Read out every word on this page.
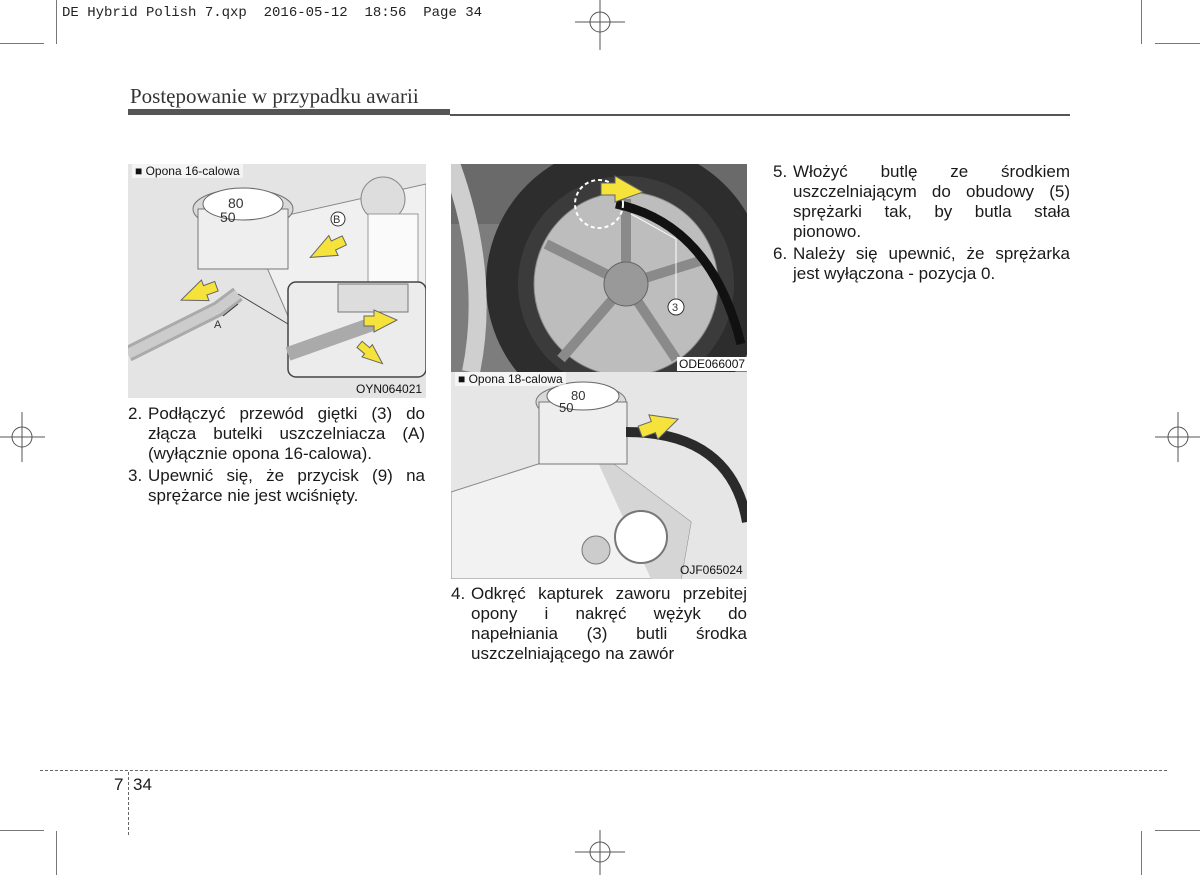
DE Hybrid Polish 7.qxp  2016-05-12  18:56  Page 34
Postępowanie w przypadku awarii
80
50	B
A
■ Opona 16-calowa
OYN064021
3
ODE066007
80
50
■ Opona 18-calowa
OJF065024
2. Podłączyć przewód giętki (3) do złącza butelki uszczelniacza (A) (wyłącznie opona 16-calowa).
3. Upewnić się, że przycisk (9) na sprężarce nie jest wciśnięty.
4. Odkręć kapturek zaworu przebitej opony i nakręć wężyk do napełniania (3) butli środka uszczelniającego na zawór
5. Włożyć butlę ze środkiem uszczelniającym do obudowy (5) sprężarki tak, by butla stała pionowo.
6. Należy się upewnić, że sprężarka jest wyłączona - pozycja 0.
7 34
